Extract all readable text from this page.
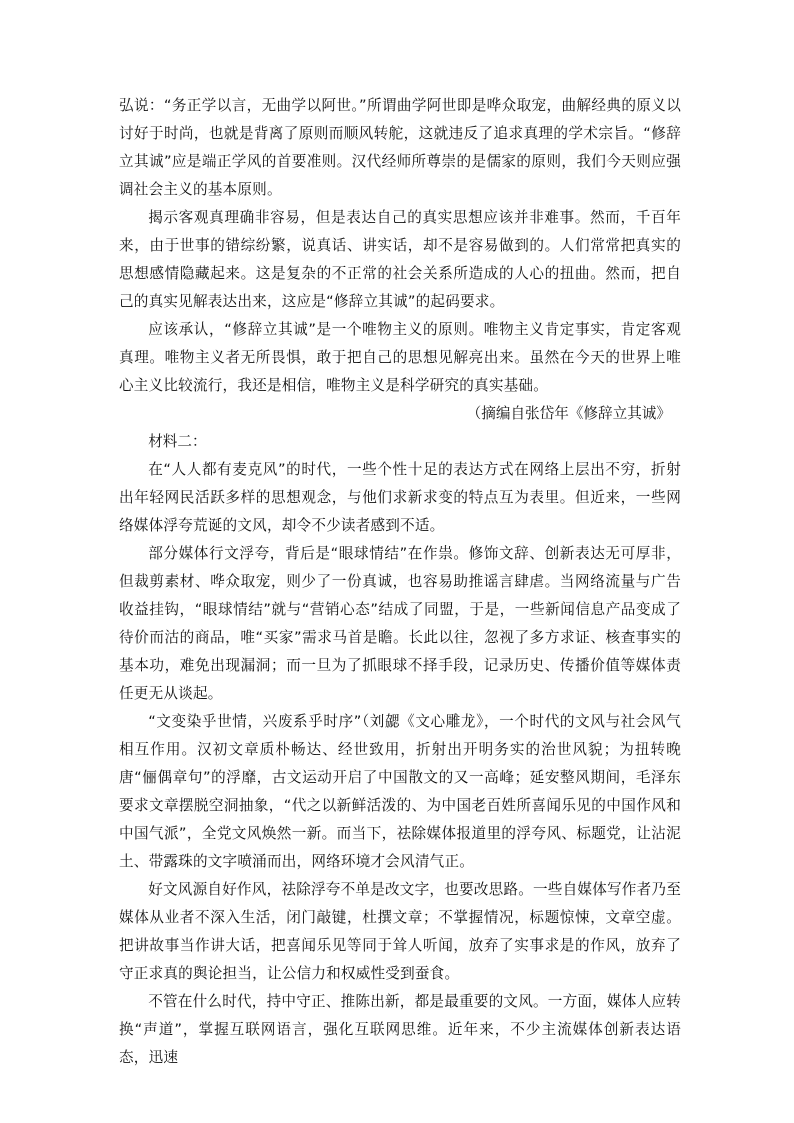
弘说：“务正学以言，无曲学以阿世。”所谓曲学阿世即是哗众取宠，曲解经典的原义以讨好于时尚，也就是背离了原则而顺风转舵，这就违反了追求真理的学术宗旨。“修辞立其诚”应是端正学风的首要准则。汉代经师所尊崇的是儒家的原则，我们今天则应强调社会主义的基本原则。

揭示客观真理确非容易，但是表达自己的真实思想应该并非难事。然而，千百年来，由于世事的错综纷繁，说真话、讲实话，却不是容易做到的。人们常常把真实的思想感情隐藏起来。这是复杂的不正常的社会关系所造成的人心的扭曲。然而，把自己的真实见解表达出来，这应是“修辞立其诚”的起码要求。

应该承认，“修辞立其诚”是一个唯物主义的原则。唯物主义肯定事实，肯定客观真理。唯物主义者无所畏惧，敢于把自己的思想见解亮出来。虽然在今天的世界上唯心主义比较流行，我还是相信，唯物主义是科学研究的真实基础。

（摘编自张岱年《修辞立其诚》

材料二：

在“人人都有麦克风”的时代，一些个性十足的表达方式在网络上层出不穷，折射出年轻网民活跃多样的思想观念，与他们求新求变的特点互为表里。但近来，一些网络媒体浮夸荒诞的文风，却令不少读者感到不适。

部分媒体行文浮夸，背后是“眼球情结”在作祟。修饰文辞、创新表达无可厚非，但裁剪素材、哗众取宠，则少了一份真诚，也容易助推谣言肆虐。当网络流量与广告收益挂钩，“眼球情结”就与“营销心态”结成了同盟，于是，一些新闻信息产品变成了待价而沽的商品，唯“买家”需求马首是瞻。长此以往，忽视了多方求证、核查事实的基本功，难免出现漏洞；而一旦为了抓眼球不择手段，记录历史、传播价值等媒体责任更无从谈起。

“文变染乎世情，兴废系乎时序”（刘勰《文心雕龙》，一个时代的文风与社会风气相互作用。汉初文章质朴畅达、经世致用，折射出开明务实的治世风貌；为扭转晚唐“俪偶章句”的浮靡，古文运动开启了中国散文的又一高峰；延安整风期间，毛泽东要求文章摆脱空洞抽象，“代之以新鲜活泼的、为中国老百姓所喜闻乐见的中国作风和中国气派”，全党文风焕然一新。而当下，祛除媒体报道里的浮夸风、标题党，让沾泥土、带露珠的文字喷涌而出，网络环境才会风清气正。

好文风源自好作风，祛除浮夸不单是改文字，也要改思路。一些自媒体写作者乃至媒体从业者不深入生活，闭门敲键，杜撰文章；不掌握情况，标题惊悚，文章空虚。把讲故事当作讲大话，把喜闻乐见等同于耸人听闻，放弃了实事求是的作风，放弃了守正求真的舆论担当，让公信力和权威性受到蚕食。

不管在什么时代，持中守正、推陈出新，都是最重要的文风。一方面，媒体人应转换“声道”，掌握互联网语言，强化互联网思维。近年来，不少主流媒体创新表达语态，迅速
